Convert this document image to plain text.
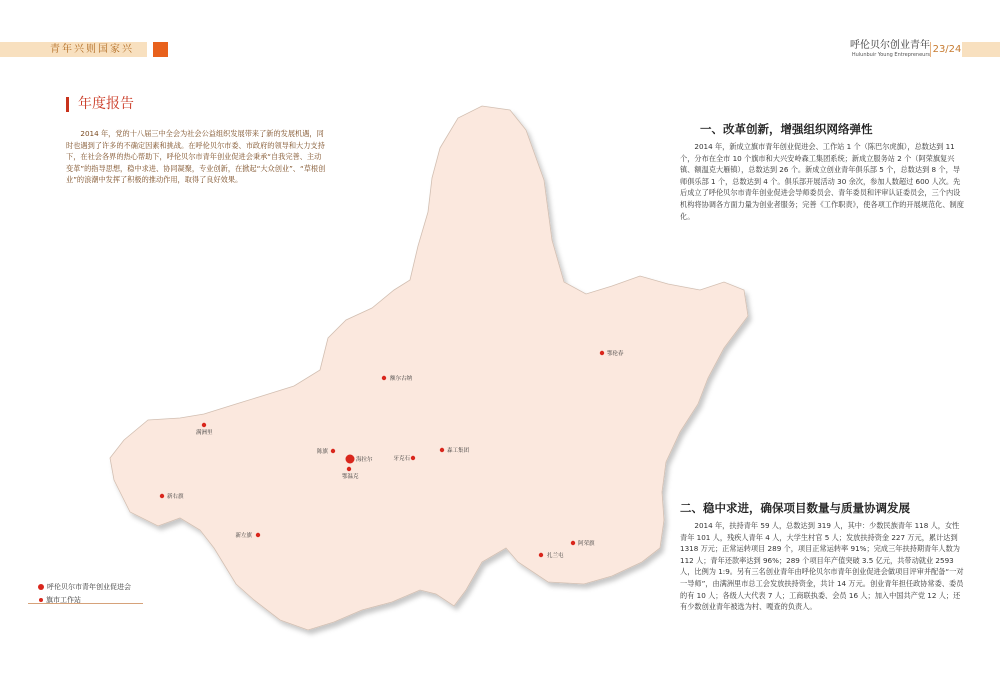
青年兴则国家兴	呼伦贝尔创业青年
Hulunbuir Young Entrepreneurs 23/24
海拉尔
鄂温克
陈旗
额尔古纳
满洲里
新右旗
新左旗
牙克石
森工集团
鄂伦春
阿荣旗
扎兰屯
年度报告

2014 年，党的十八届三中全会为社会公益组织发展带来了新的发展机遇，同时也遇到了许多的不确定因素和挑战。在呼伦贝尔市委、市政府的领导和大力支持下，在社会各界的热心帮助下，呼伦贝尔市青年创业促进会秉承“自我完善、主动变革”的指导思想，稳中求进、协同凝聚，专业创新，在掀起“大众创业”、“草根创业”的浪潮中发挥了积极的推动作用，取得了良好效果。

一、改革创新，增强组织网络弹性

2014 年，新成立旗市青年创业促进会、工作站 1 个（陈巴尔虎旗），总数达到 11 个，分布在全市 10 个旗市和大兴安岭森工集团系统；新成立服务站 2 个（阿荣旗复兴镇、额温克大雁镇），总数达到 26 个。新成立创业青年俱乐部 5 个，总数达到 8 个，导师俱乐部 1 个，总数达到 4 个。俱乐部开展活动 30 余次，参加人数超过 600 人次。先后成立了呼伦贝尔市青年创业促进会导师委员会、青年委员和评审认证委员会，三个内设机构将协调各方面力量为创业者服务；完善《工作职责》，使各项工作的开展规范化、制度化。

二、稳中求进，确保项目数量与质量协调发展

2014 年，扶持青年 59 人，总数达到 319 人，其中：少数民族青年 118 人，女性青年 101 人，残疾人青年 4 人，大学生村官 5 人；发放扶持资金 227 万元，累计达到 1318 万元；正常运转项目 289 个，项目正常运转率 91%；完成三年扶持期青年人数为 112 人；青年还款率达到 96%；289 个项目年产值突破 3.5 亿元，共带动就业 2593 人，比例为 1:9。另有三名创业青年由呼伦贝尔市青年创业促进会做项目评审并配备“一对一导师”，由满洲里市总工会发放扶持资金，共计 14 万元。创业青年担任政协常委、委员的有 10 人；各级人大代表 7 人；工商联执委、会员 16 人；加入中国共产党 12 人；还有少数创业青年被选为村、嘎查的负责人。

呼伦贝尔市青年创业促进会
旗市工作站
